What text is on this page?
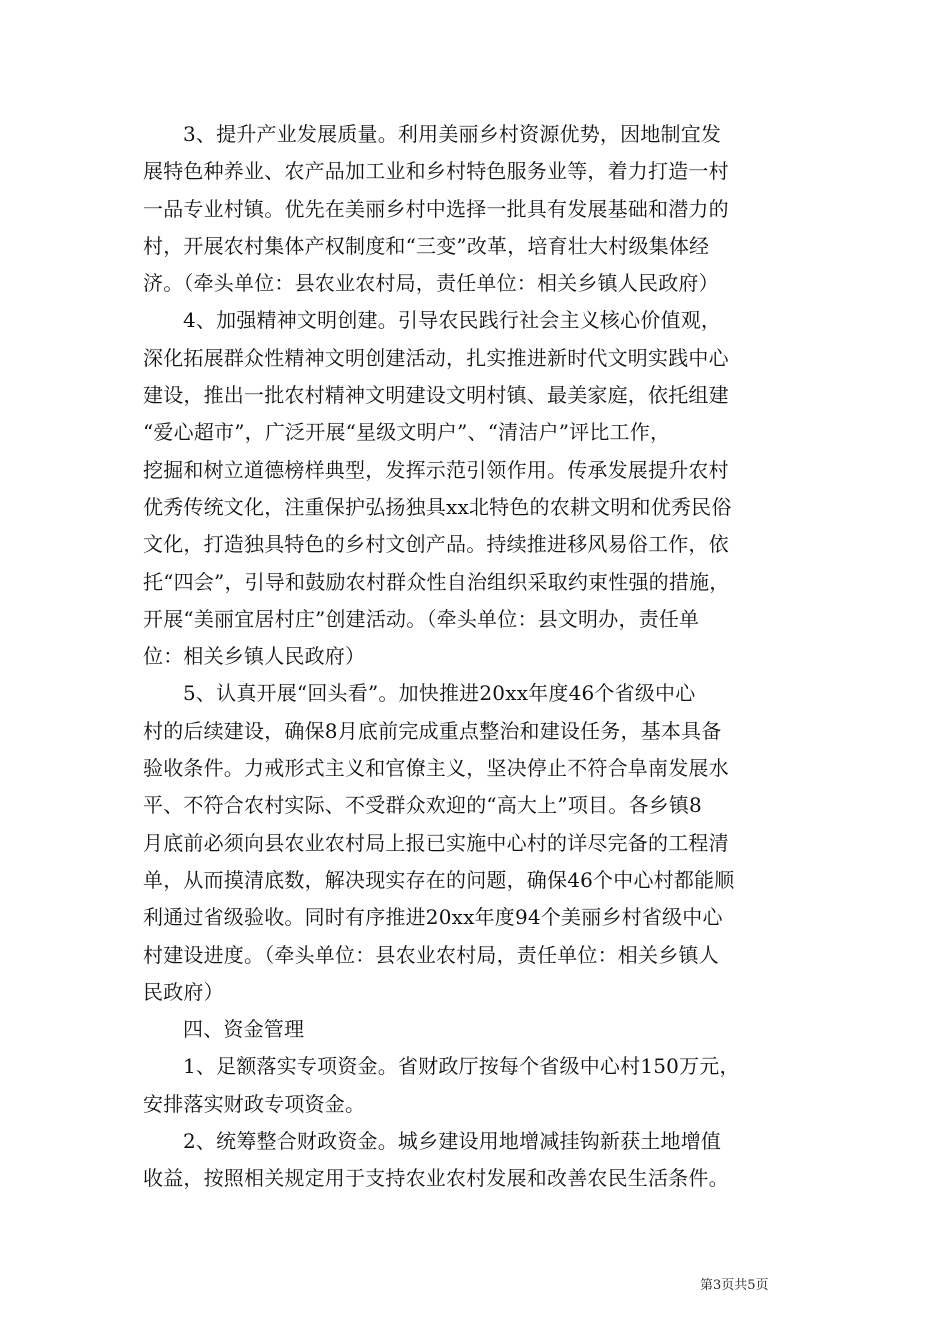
3、提升产业发展质量。利用美丽乡村资源优势，因地制宜发
展特色种养业、农产品加工业和乡村特色服务业等，着力打造一村
一品专业村镇。优先在美丽乡村中选择一批具有发展基础和潜力的
村，开展农村集体产权制度和“三变”改革，培育壮大村级集体经
济。（牵头单位：县农业农村局，责任单位：相关乡镇人民政府）
4、加强精神文明创建。引导农民践行社会主义核心价值观，
深化拓展群众性精神文明创建活动，扎实推进新时代文明实践中心
建设，推出一批农村精神文明建设文明村镇、最美家庭，依托组建
“爱心超市”，广泛开展“星级文明户”、“清洁户”评比工作，
挖掘和树立道德榜样典型，发挥示范引领作用。传承发展提升农村
优秀传统文化，注重保护弘扬独具xx北特色的农耕文明和优秀民俗
文化，打造独具特色的乡村文创产品。持续推进移风易俗工作，依
托“四会”，引导和鼓励农村群众性自治组织采取约束性强的措施，
开展“美丽宜居村庄”创建活动。（牵头单位：县文明办，责任单
位：相关乡镇人民政府）
5、认真开展“回头看”。加快推进20xx年度46个省级中心
村的后续建设，确保8月底前完成重点整治和建设任务，基本具备
验收条件。力戒形式主义和官僚主义，坚决停止不符合阜南发展水
平、不符合农村实际、不受群众欢迎的“高大上”项目。各乡镇8
月底前必须向县农业农村局上报已实施中心村的详尽完备的工程清
单，从而摸清底数，解决现实存在的问题，确保46个中心村都能顺
利通过省级验收。同时有序推进20xx年度94个美丽乡村省级中心
村建设进度。（牵头单位：县农业农村局，责任单位：相关乡镇人
民政府）
四、资金管理
1、足额落实专项资金。省财政厅按每个省级中心村150万元，
安排落实财政专项资金。
2、统筹整合财政资金。城乡建设用地增减挂钩新获土地增值
收益，按照相关规定用于支持农业农村发展和改善农民生活条件。
第3页共5页
